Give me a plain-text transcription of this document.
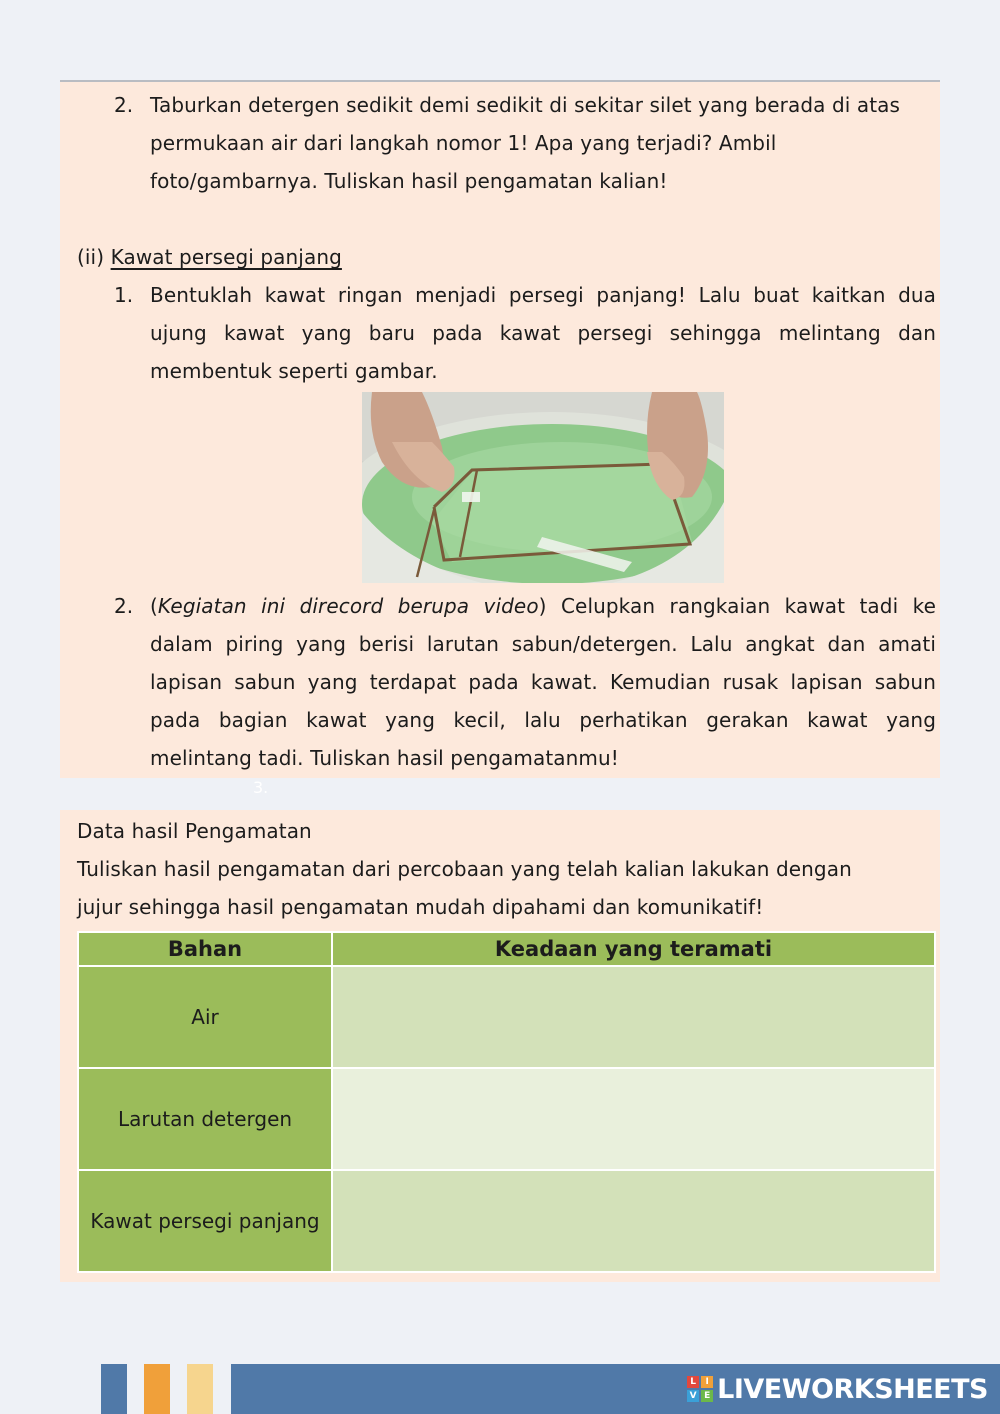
2. Taburkan detergen sedikit demi sedikit di sekitar silet yang berada di atas
permukaan air dari langkah nomor 1! Apa yang terjadi? Ambil
foto/gambarnya. Tuliskan hasil pengamatan kalian!
(ii) Kawat persegi panjang
1. Bentuklah kawat ringan menjadi persegi panjang! Lalu buat kaitkan dua
ujung kawat yang baru pada kawat persegi sehingga melintang dan
membentuk seperti gambar.
2. (Kegiatan ini direcord berupa video) Celupkan rangkaian kawat tadi ke
dalam piring yang berisi larutan sabun/detergen. Lalu angkat dan amati
lapisan sabun yang terdapat pada kawat. Kemudian rusak lapisan sabun
pada bagian kawat yang kecil, lalu perhatikan gerakan kawat yang
melintang tadi. Tuliskan hasil pengamatanmu!
3.
Data hasil Pengamatan
Tuliskan hasil pengamatan dari percobaan yang telah kalian lakukan dengan
jujur sehingga hasil pengamatan mudah dipahami dan komunikatif!
Bahan	Keadaan yang teramati
Air	
Larutan detergen	
Kawat persegi panjang	
L	I
V E LIVEWORKSHEETS
